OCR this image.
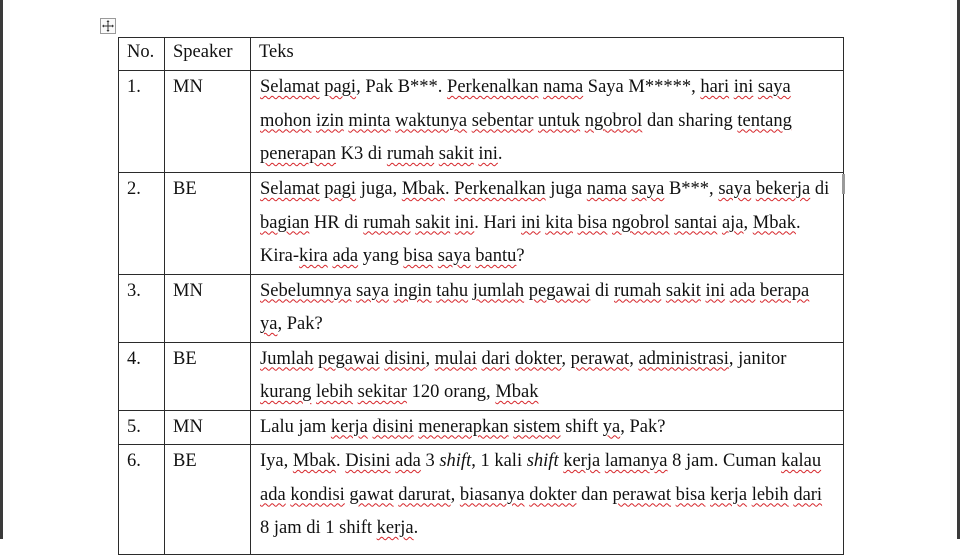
No.	Speaker	Teks
1.	MN	Selamat pagi, Pak B***. Perkenalkan nama Saya M*****, hari ini saya mohon izin minta waktunya sebentar untuk ngobrol dan sharing tentang penerapan K3 di rumah sakit ini.
2.	BE	Selamat pagi juga, Mbak. Perkenalkan juga nama saya B***, saya bekerja di bagian HR di rumah sakit ini. Hari ini kita bisa ngobrol santai aja, Mbak. Kira-kira ada yang bisa saya bantu?
3.	MN	Sebelumnya saya ingin tahu jumlah pegawai di rumah sakit ini ada berapa ya, Pak?
4.	BE	Jumlah pegawai disini, mulai dari dokter, perawat, administrasi, janitor kurang lebih sekitar 120 orang, Mbak
5.	MN	Lalu jam kerja disini menerapkan sistem shift ya, Pak?
6.	BE	Iya, Mbak. Disini ada 3 shift, 1 kali shift kerja lamanya 8 jam. Cuman kalau ada kondisi gawat darurat, biasanya dokter dan perawat bisa kerja lebih dari 8 jam di 1 shift kerja.
